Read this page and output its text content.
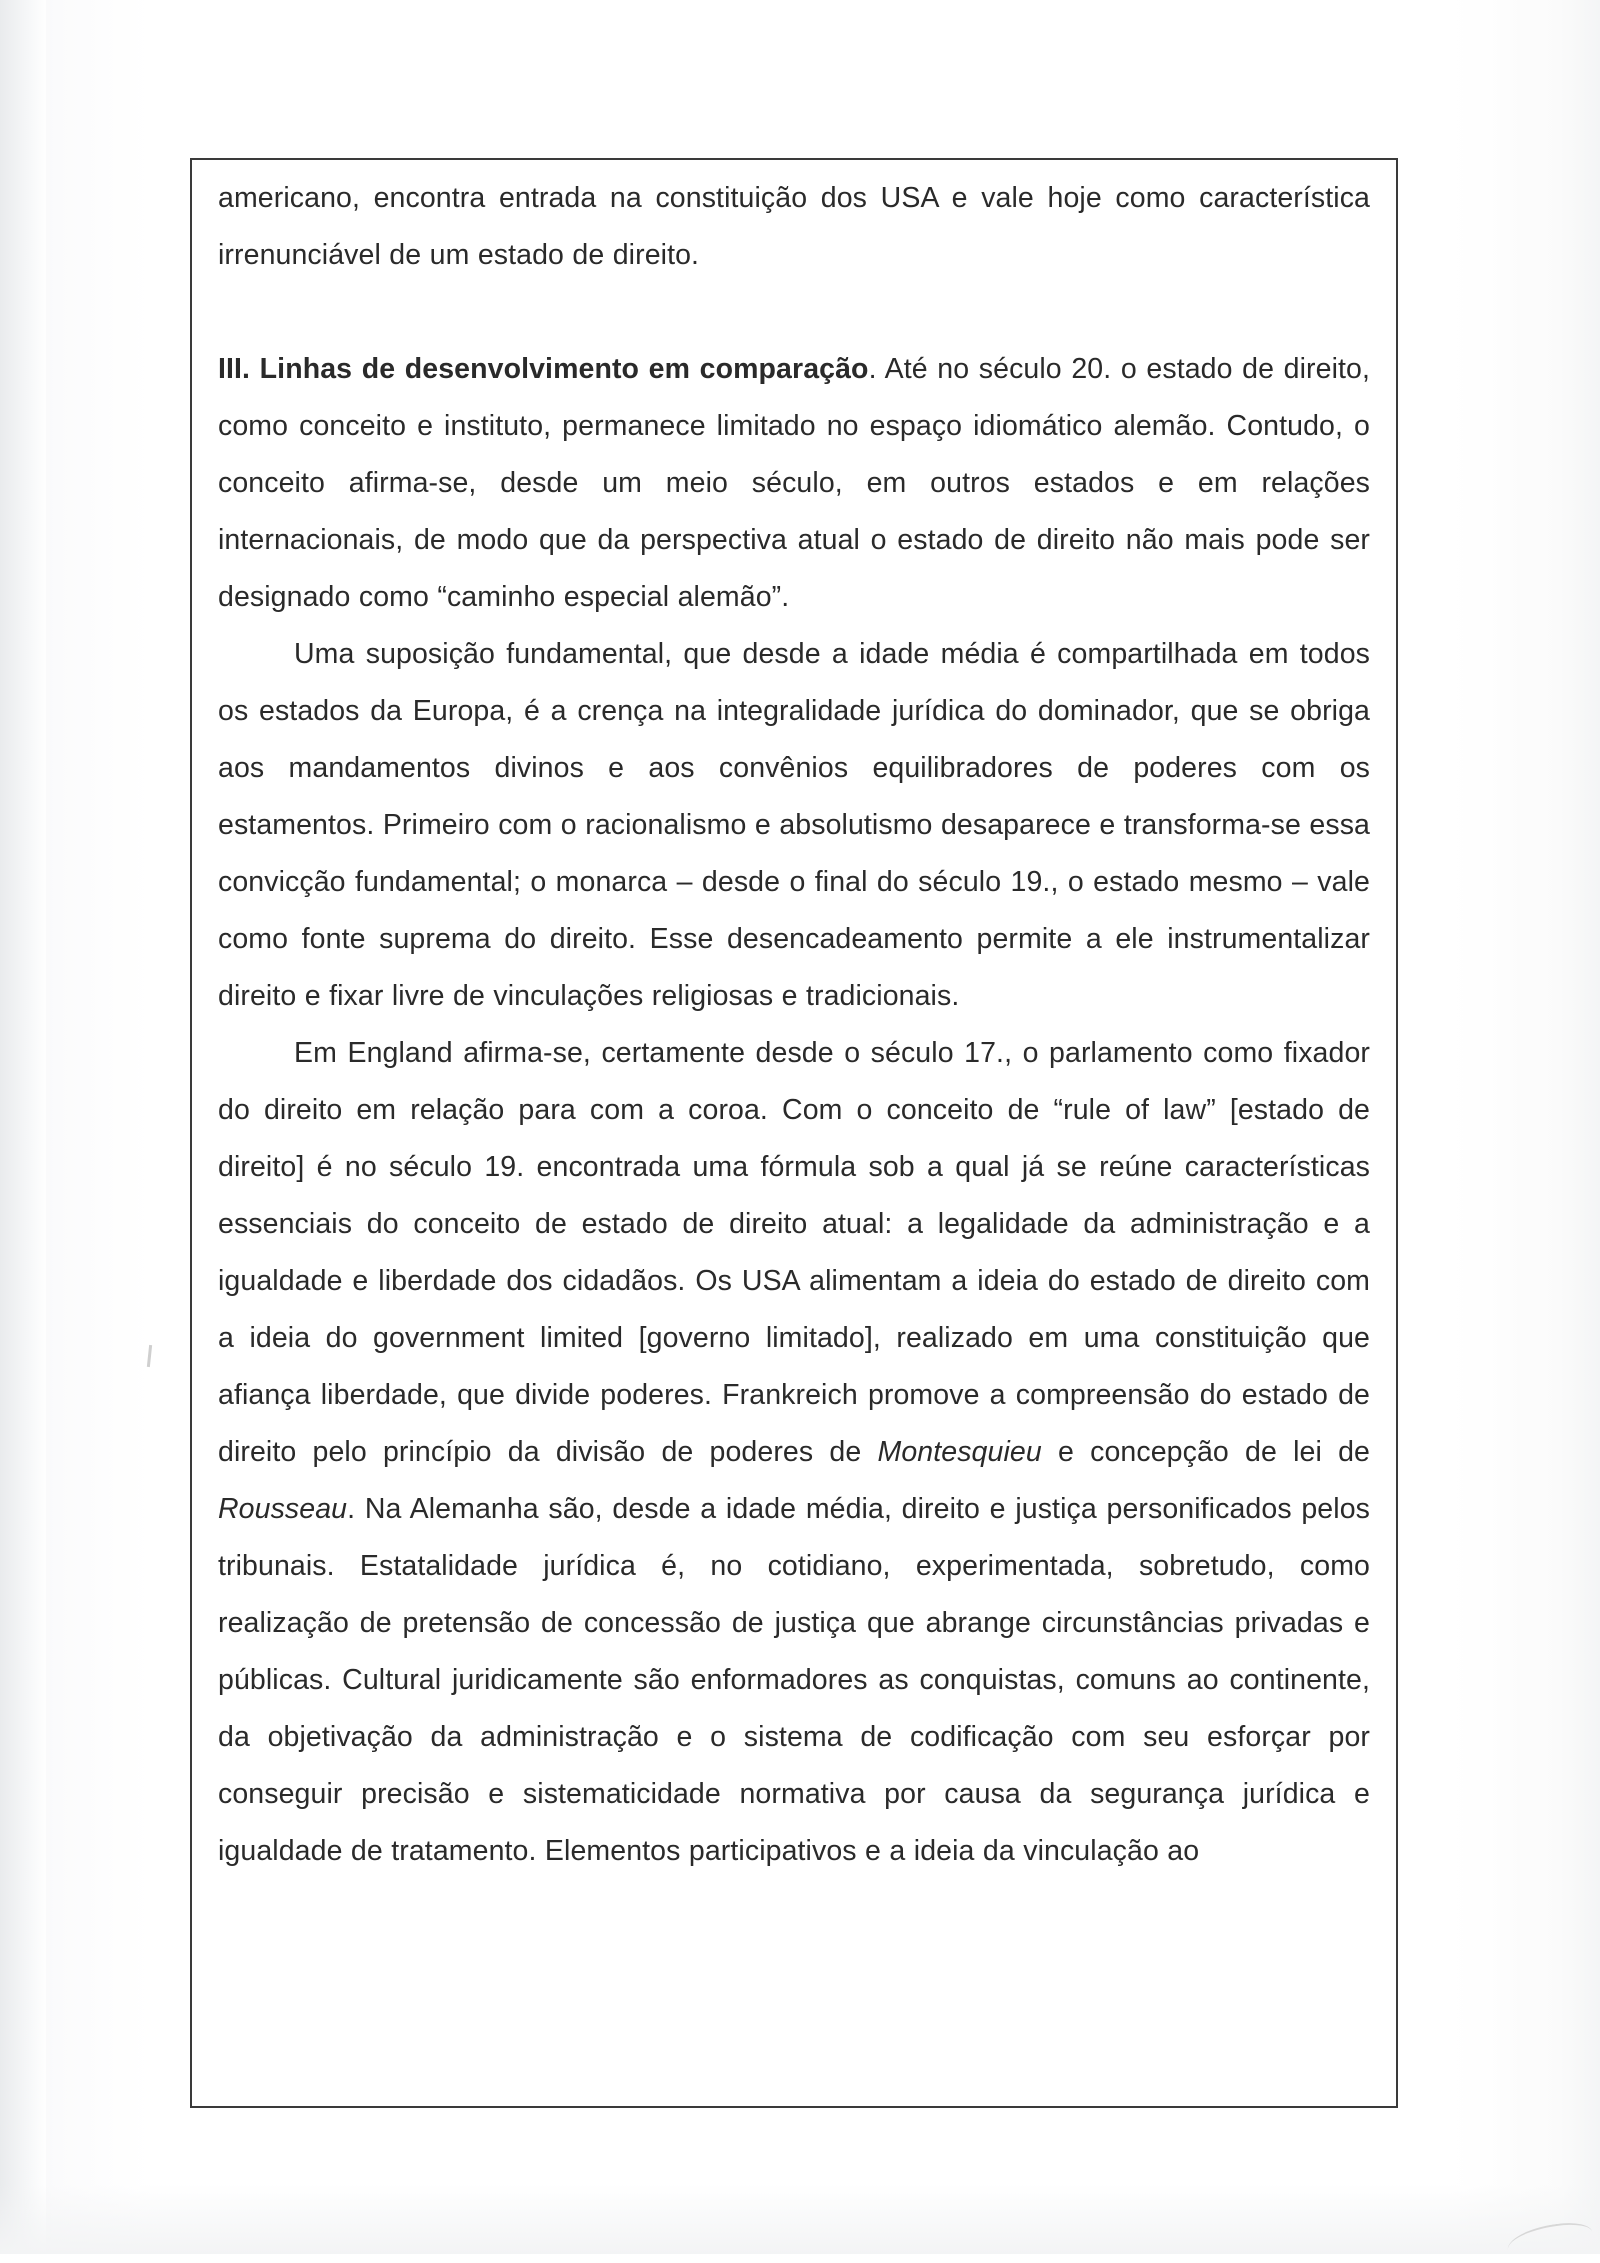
americano, encontra entrada na constituição dos USA e vale hoje como característica irrenunciável de um estado de direito.

III. Linhas de desenvolvimento em comparação. Até no século 20. o estado de direito, como conceito e instituto, permanece limitado no espaço idiomático alemão. Contudo, o conceito afirma-se, desde um meio século, em outros estados e em relações internacionais, de modo que da perspectiva atual o estado de direito não mais pode ser designado como “caminho especial alemão”.

Uma suposição fundamental, que desde a idade média é compartilhada em todos os estados da Europa, é a crença na integralidade jurídica do dominador, que se obriga aos mandamentos divinos e aos convênios equilibradores de poderes com os estamentos. Primeiro com o racionalismo e absolutismo desaparece e transforma-se essa convicção fundamental; o monarca – desde o final do século 19., o estado mesmo – vale como fonte suprema do direito. Esse desencadeamento permite a ele instrumentalizar direito e fixar livre de vinculações religiosas e tradicionais.

Em England afirma-se, certamente desde o século 17., o parlamento como fixador do direito em relação para com a coroa. Com o conceito de “rule of law” [estado de direito] é no século 19. encontrada uma fórmula sob a qual já se reúne características essenciais do conceito de estado de direito atual: a legalidade da administração e a igualdade e liberdade dos cidadãos. Os USA alimentam a ideia do estado de direito com a ideia do government limited [governo limitado], realizado em uma constituição que afiança liberdade, que divide poderes. Frankreich promove a compreensão do estado de direito pelo princípio da divisão de poderes de Montesquieu e concepção de lei de Rousseau. Na Alemanha são, desde a idade média, direito e justiça personificados pelos tribunais. Estatalidade jurídica é, no cotidiano, experimentada, sobretudo, como realização de pretensão de concessão de justiça que abrange circunstâncias privadas e públicas. Cultural juridicamente são enformadores as conquistas, comuns ao continente, da objetivação da administração e o sistema de codificação com seu esforçar por conseguir precisão e sistematicidade normativa por causa da segurança jurídica e igualdade de tratamento. Elementos participativos e a ideia da vinculação ao
